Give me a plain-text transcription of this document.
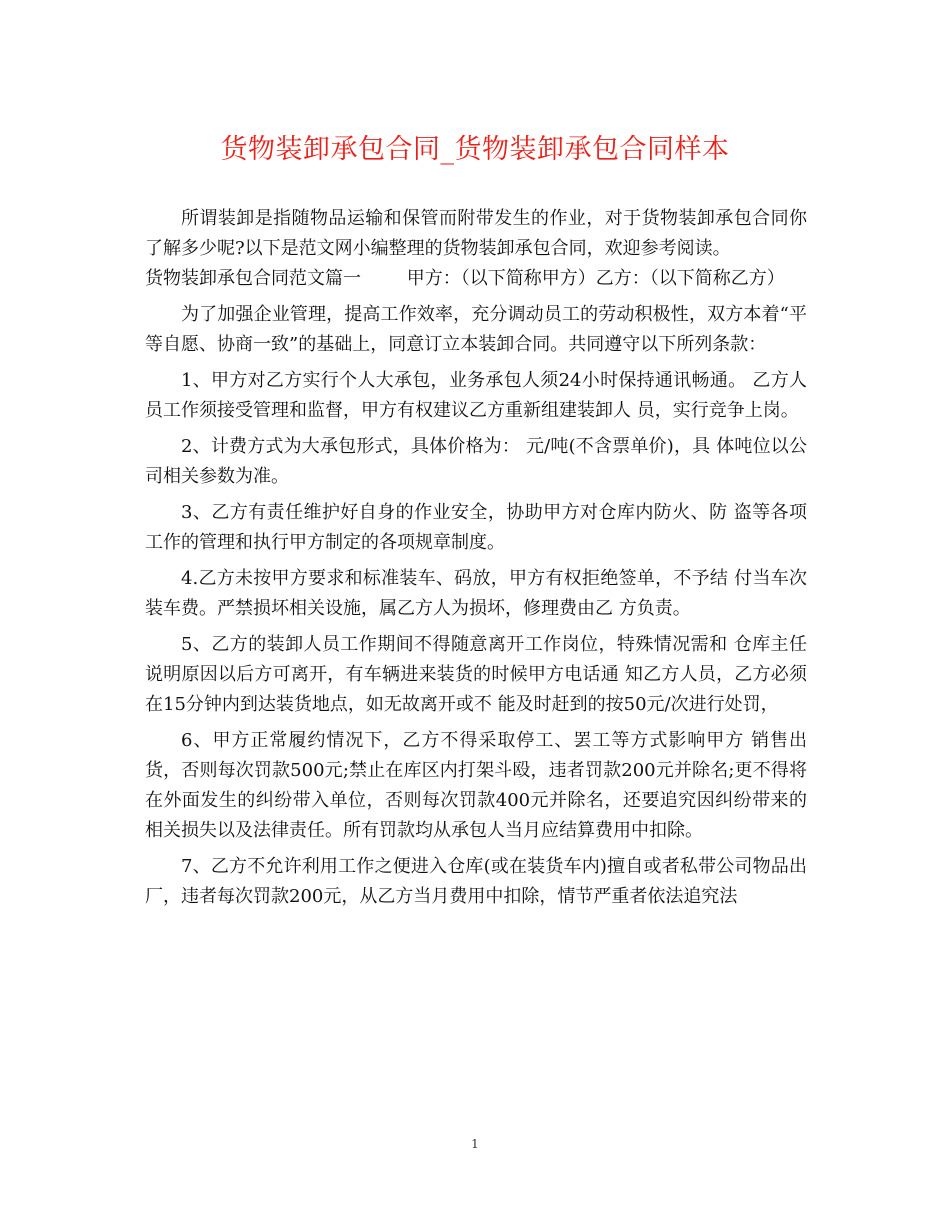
货物装卸承包合同_货物装卸承包合同样本

所谓装卸是指随物品运输和保管而附带发生的作业，对于货物装卸承包合同你了解多少呢?以下是范文网小编整理的货物装卸承包合同，欢迎参考阅读。

货物装卸承包合同范文篇一        甲方：（以下简称甲方）乙方：（以下简称乙方）

为了加强企业管理，提高工作效率，充分调动员工的劳动积极性，双方本着“平等自愿、协商一致”的基础上，同意订立本装卸合同。共同遵守以下所列条款：

1、甲方对乙方实行个人大承包，业务承包人须24小时保持通讯畅通。 乙方人员工作须接受管理和监督，甲方有权建议乙方重新组建装卸人 员，实行竞争上岗。

2、计费方式为大承包形式，具体价格为： 元/吨(不含票单价)，具 体吨位以公司相关参数为准。

3、乙方有责任维护好自身的作业安全，协助甲方对仓库内防火、防 盗等各项工作的管理和执行甲方制定的各项规章制度。

4.乙方未按甲方要求和标准装车、码放，甲方有权拒绝签单，不予结 付当车次装车费。严禁损坏相关设施，属乙方人为损坏，修理费由乙 方负责。

5、乙方的装卸人员工作期间不得随意离开工作岗位，特殊情况需和 仓库主任说明原因以后方可离开，有车辆进来装货的时候甲方电话通 知乙方人员，乙方必须在15分钟内到达装货地点，如无故离开或不 能及时赶到的按50元/次进行处罚，

6、甲方正常履约情况下，乙方不得采取停工、罢工等方式影响甲方 销售出货，否则每次罚款500元;禁止在库区内打架斗殴，违者罚款200元并除名;更不得将在外面发生的纠纷带入单位，否则每次罚款400元并除名，还要追究因纠纷带来的相关损失以及法律责任。所有罚款均从承包人当月应结算费用中扣除。

7、乙方不允许利用工作之便进入仓库(或在装货车内)擅自或者私带公司物品出厂，违者每次罚款200元，从乙方当月费用中扣除，情节严重者依法追究法

1
